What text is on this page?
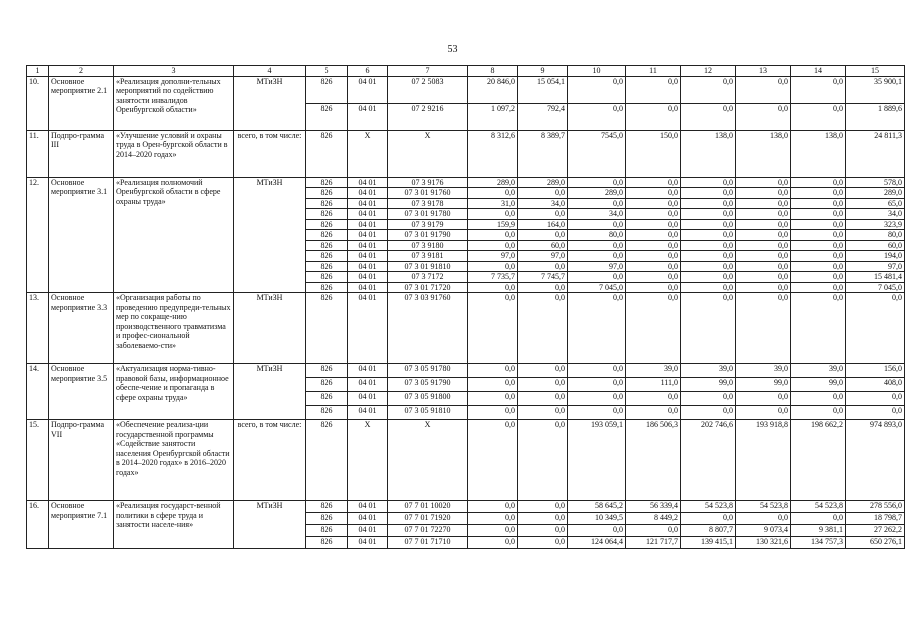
53
1	2	3	4	5	6	7	8	9	10	11	12	13	14	15
10.	Основное мероприятие 2.1	«Реализация дополни-тельных мероприятий по содействию занятости инвалидов Оренбургской области»	МТиЗН	826	04 01	07 2 5083	20 846,0	15 054,1	0,0	0,0	0,0	0,0	0,0	35 900,1
				826	04 01	07 2 9216	1 097,2	792,4	0,0	0,0	0,0	0,0	0,0	1 889,6
11.	Подпро-грамма III	«Улучшение условий и охраны труда в Орен-бургской области в 2014–2020 годах»	всего, в том числе:	826	X	X	8 312,6	8 389,7	7545,0	150,0	138,0	138,0	138,0	24 811,3
12.	Основное мероприятие 3.1	«Реализация полномочий Оренбургской области в сфере охраны труда»	МТиЗН	826	04 01	07 3 9176	289,0	289,0	0,0	0,0	0,0	0,0	0,0	578,0
				826	04 01	07 3 01 91760	0,0	0,0	289,0	0,0	0,0	0,0	0,0	289,0
				826	04 01	07 3 9178	31,0	34,0	0,0	0,0	0,0	0,0	0,0	65,0
				826	04 01	07 3 01 91780	0,0	0,0	34,0	0,0	0,0	0,0	0,0	34,0
				826	04 01	07 3 9179	159,9	164,0	0,0	0,0	0,0	0,0	0,0	323,9
				826	04 01	07 3 01 91790	0,0	0,0	80,0	0,0	0,0	0,0	0,0	80,0
				826	04 01	07 3 9180	0,0	60,0	0,0	0,0	0,0	0,0	0,0	60,0
				826	04 01	07 3 9181	97,0	97,0	0,0	0,0	0,0	0,0	0,0	194,0
				826	04 01	07 3 01 91810	0,0	0,0	97,0	0,0	0,0	0,0	0,0	97,0
				826	04 01	07 3 7172	7 735,7	7 745,7	0,0	0,0	0,0	0,0	0,0	15 481,4
				826	04 01	07 3 01 71720	0,0	0,0	7 045,0	0,0	0,0	0,0	0,0	7 045,0
13.	Основное мероприятие 3.3	«Организация работы по проведению предупреди-тельных мер по сокраще-нию производственного травматизма и профес-сиональной заболеваемо-сти»	МТиЗН	826	04 01	07 3 03 91760	0,0	0,0	0,0	0,0	0,0	0,0	0,0	0,0
14.	Основное мероприятие 3.5	«Актуализация норма-тивно-правовой базы, информационное обеспе-чение и пропаганда в сфере охраны труда»	МТиЗН	826	04 01	07 3 05 91780	0,0	0,0	0,0	39,0	39,0	39,0	39,0	156,0
				826	04 01	07 3 05 91790	0,0	0,0	0,0	111,0	99,0	99,0	99,0	408,0
				826	04 01	07 3 05 91800	0,0	0,0	0,0	0,0	0,0	0,0	0,0	0,0
				826	04 01	07 3 05 91810	0,0	0,0	0,0	0,0	0,0	0,0	0,0	0,0
15.	Подпро-грамма VII	«Обеспечение реализа-ции государственной программы «Содействие занятости населения Оренбургской области в 2014–2020 годах» в 2016–2020 годах»	всего, в том числе:	826	X	X	0,0	0,0	193 059,1	186 506,3	202 746,6	193 918,8	198 662,2	974 893,0
16.	Основное мероприятие 7.1	«Реализация государст-венной политики в сфере труда и занятости населе-ния»	МТиЗН	826	04 01	07 7 01 10020	0,0	0,0	58 645,2	56 339,4	54 523,8	54 523,8	54 523,8	278 556,0
				826	04 01	07 7 01 71920	0,0	0,0	10 349,5	8 449,2	0,0	0,0	0,0	18 798,7
				826	04 01	07 7 01 72270	0,0	0,0	0,0	0,0	8 807,7	9 073,4	9 381,1	27 262,2
				826	04 01	07 7 01 71710	0,0	0,0	124 064,4	121 717,7	139 415,1	130 321,6	134 757,3	650 276,1
